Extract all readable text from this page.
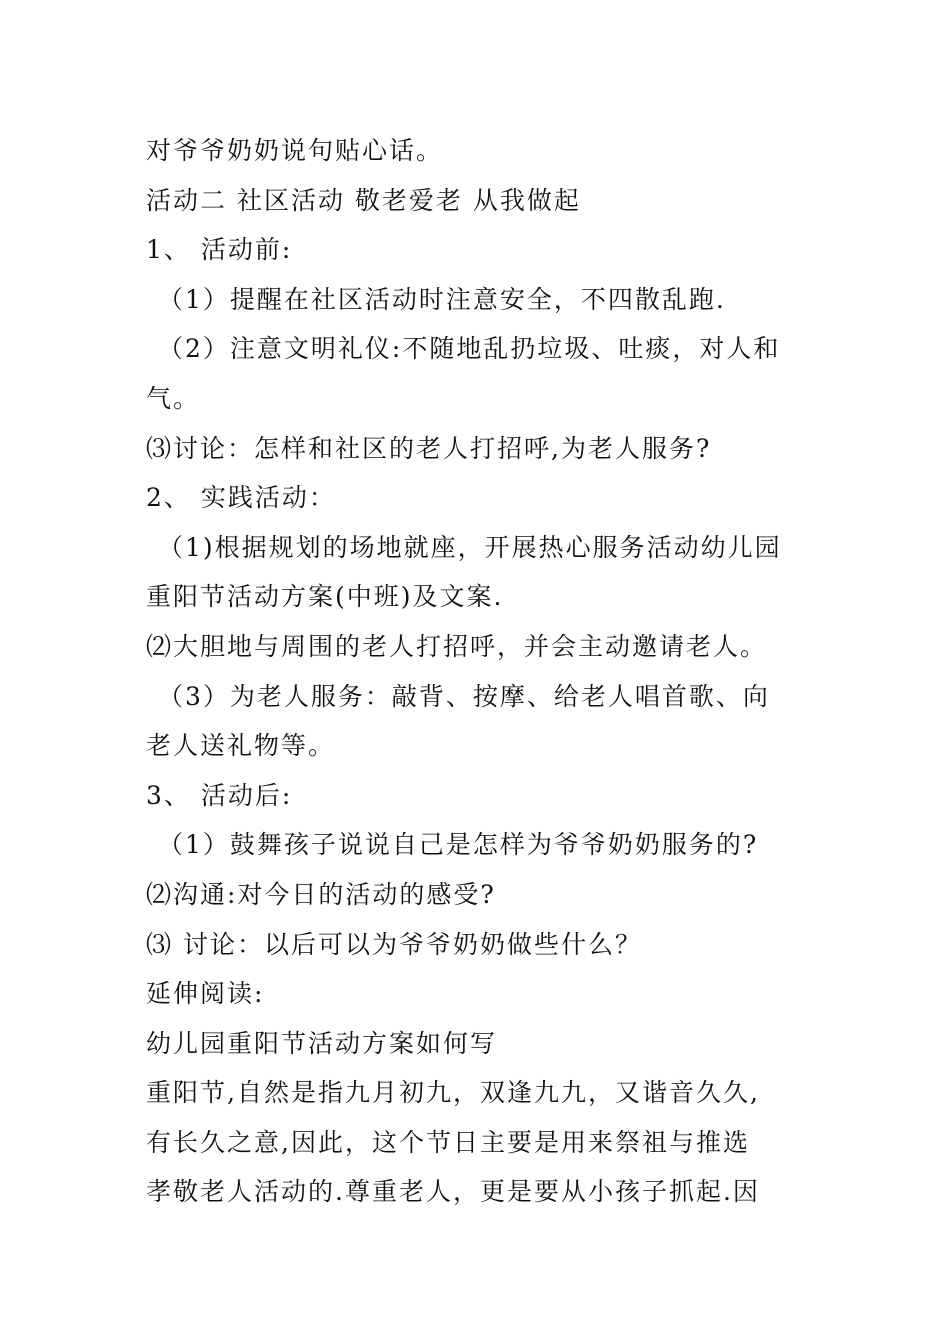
对爷爷奶奶说句贴心话。
活动二 社区活动 敬老爱老 从我做起
1、 活动前:
（1）提醒在社区活动时注意安全，不四散乱跑.
（2）注意文明礼仪:不随地乱扔垃圾、吐痰，对人和
气。
⑶讨论：怎样和社区的老人打招呼,为老人服务?
2、 实践活动：
（1)根据规划的场地就座，开展热心服务活动幼儿园
重阳节活动方案(中班)及文案.
⑵大胆地与周围的老人打招呼，并会主动邀请老人。
（3）为老人服务：敲背、按摩、给老人唱首歌、向
老人送礼物等。
3、 活动后:
（1）鼓舞孩子说说自己是怎样为爷爷奶奶服务的?
⑵沟通:对今日的活动的感受?
⑶ 讨论：以后可以为爷爷奶奶做些什么？
延伸阅读:
幼儿园重阳节活动方案如何写
重阳节,自然是指九月初九，双逢九九，又谐音久久,
有长久之意,因此，这个节日主要是用来祭祖与推选
孝敬老人活动的.尊重老人，更是要从小孩子抓起.因
